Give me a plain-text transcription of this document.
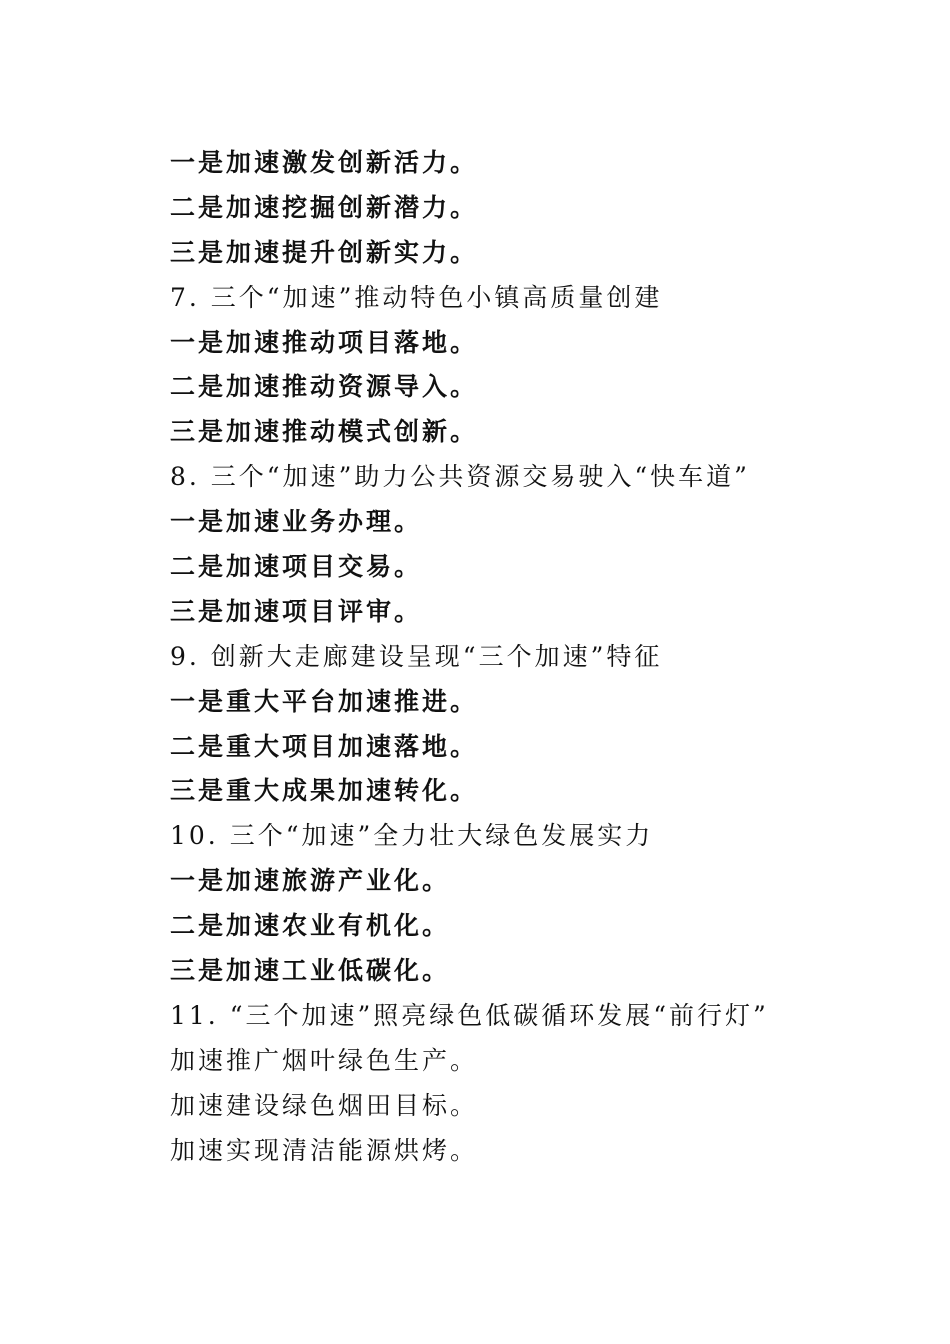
一是加速激发创新活力。
二是加速挖掘创新潜力。
三是加速提升创新实力。
7. 三个“加速”推动特色小镇高质量创建
一是加速推动项目落地。
二是加速推动资源导入。
三是加速推动模式创新。
8. 三个“加速”助力公共资源交易驶入“快车道”
一是加速业务办理。
二是加速项目交易。
三是加速项目评审。
9. 创新大走廊建设呈现“三个加速”特征
一是重大平台加速推进。
二是重大项目加速落地。
三是重大成果加速转化。
10. 三个“加速”全力壮大绿色发展实力
一是加速旅游产业化。
二是加速农业有机化。
三是加速工业低碳化。
11. “三个加速”照亮绿色低碳循环发展“前行灯”
加速推广烟叶绿色生产。
加速建设绿色烟田目标。
加速实现清洁能源烘烤。
